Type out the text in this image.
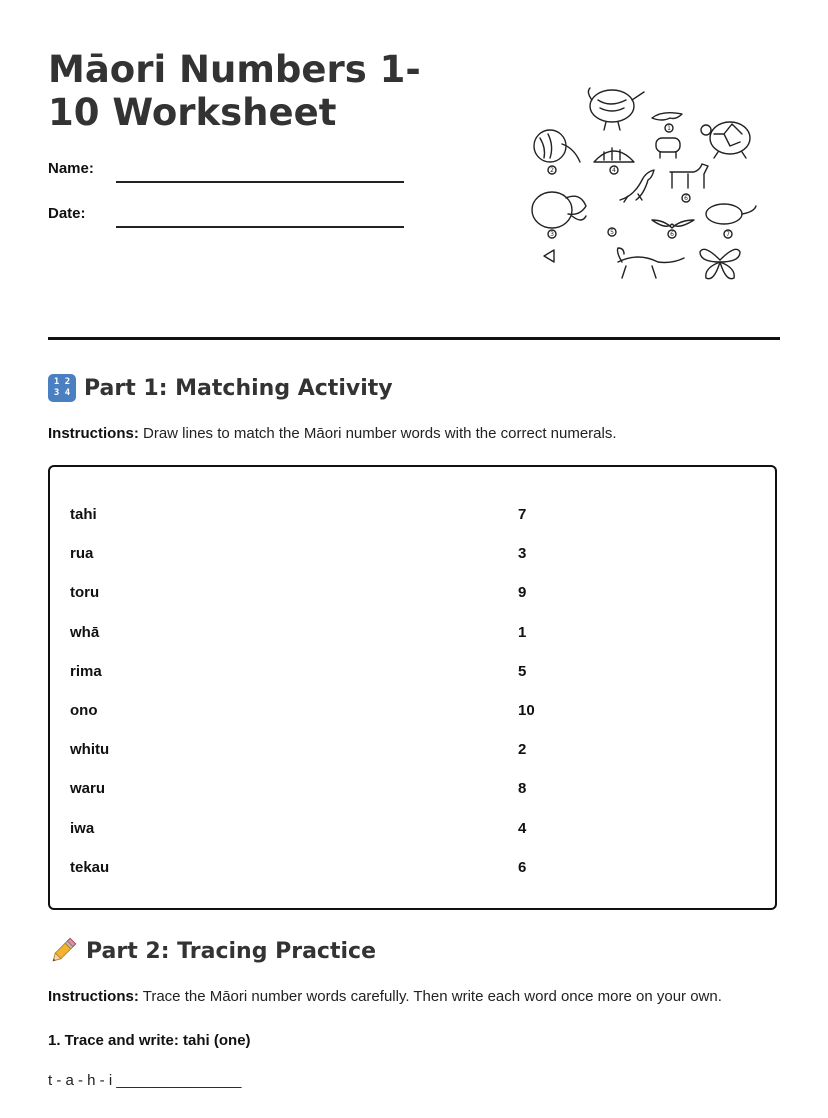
Māori Numbers 1-10 Worksheet
Name:
Date:
1
2
3
4
5
6
6	7
1 2
3 4 Part 1: Matching Activity
Instructions: Draw lines to match the Māori number words with the correct numerals.
tahi	7
rua	3
toru	9
whā	1
rima	5
ono	10
whitu	2
waru	8
iwa	4
tekau	6
Part 2: Tracing Practice
Instructions: Trace the Māori number words carefully. Then write each word once more on your own.
1. Trace and write: tahi (one)
t - a - h - i _______________
